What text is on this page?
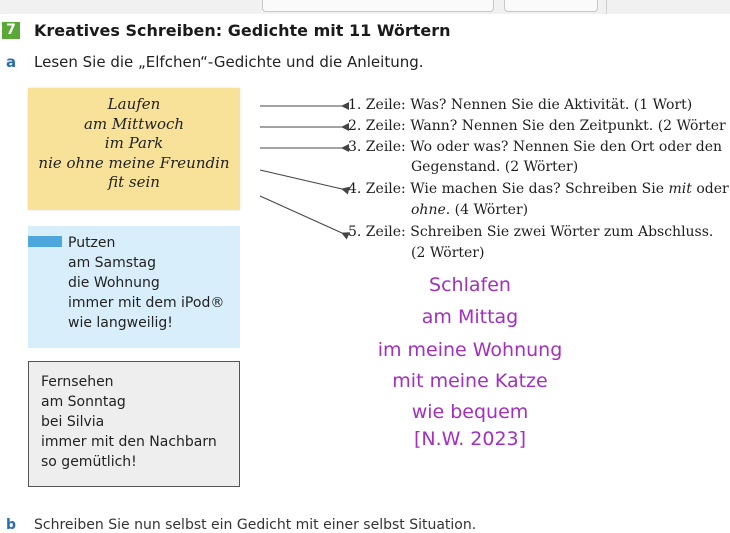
7 Kreatives Schreiben: Gedichte mit 11 Wörtern
a Lesen Sie die „Elfchen“-Gedichte und die Anleitung.
Laufen
am Mittwoch
im Park
nie ohne meine Freundin
fit sein
Putzen
am Samstag
die Wohnung
immer mit dem iPod®
wie langweilig!
Fernsehen
am Sonntag
bei Silvia
immer mit den Nachbarn
so gemütlich!
1. Zeile: Was? Nennen Sie die Aktivität. (1 Wort)
2. Zeile: Wann? Nennen Sie den Zeitpunkt. (2 Wörter
3. Zeile: Wo oder was? Nennen Sie den Ort oder den
Gegenstand. (2 Wörter)
4. Zeile: Wie machen Sie das? Schreiben Sie mit oder
ohne. (4 Wörter)
5. Zeile: Schreiben Sie zwei Wörter zum Abschluss.
(2 Wörter)
Schlafen
am Mittag
im meine Wohnung
mit meine Katze
wie bequem
[N.W. 2023]
b Schreiben Sie nun selbst ein Gedicht mit einer selbst Situation.
